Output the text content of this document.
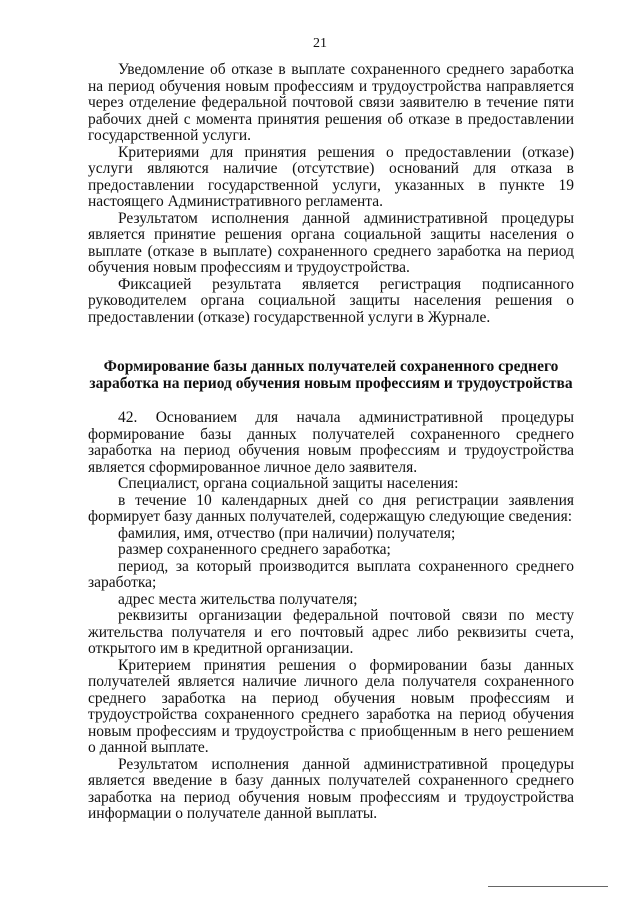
21

Уведомление об отказе в выплате сохраненного среднего заработка на период обучения новым профессиям и трудоустройства направляется через отделение федеральной почтовой связи заявителю в течение пяти рабочих дней с момента принятия решения об отказе в предоставлении государственной услуги.

Критериями для принятия решения о предоставлении (отказе) услуги являются наличие (отсутствие) оснований для отказа в предоставлении государственной услуги, указанных в пункте 19 настоящего Административного регламента.

Результатом исполнения данной административной процедуры является принятие решения органа социальной защиты населения о выплате (отказе в выплате) сохраненного среднего заработка на период обучения новым профессиям и трудоустройства.

Фиксацией результата является регистрация подписанного руководителем органа социальной защиты населения решения о предоставлении (отказе) государственной услуги в Журнале.

Формирование базы данных получателей сохраненного среднего заработка на период обучения новым профессиям и трудоустройства

42. Основанием для начала административной процедуры формирование базы данных получателей сохраненного среднего заработка на период обучения новым профессиям и трудоустройства является сформированное личное дело заявителя.

Специалист, органа социальной защиты населения:

в течение 10 календарных дней со дня регистрации заявления формирует базу данных получателей, содержащую следующие сведения:

фамилия, имя, отчество (при наличии) получателя;

размер сохраненного среднего заработка;

период, за который производится выплата сохраненного среднего заработка;

адрес места жительства получателя;

реквизиты организации федеральной почтовой связи по месту жительства получателя и его почтовый адрес либо реквизиты счета, открытого им в кредитной организации.

Критерием принятия решения о формировании базы данных получателей является наличие личного дела получателя сохраненного среднего заработка на период обучения новым профессиям и трудоустройства сохраненного среднего заработка на период обучения новым профессиям и трудоустройства с приобщенным в него решением о данной выплате.

Результатом исполнения данной административной процедуры является введение в базу данных получателей сохраненного среднего заработка на период обучения новым профессиям и трудоустройства информации о получателе данной выплаты.
